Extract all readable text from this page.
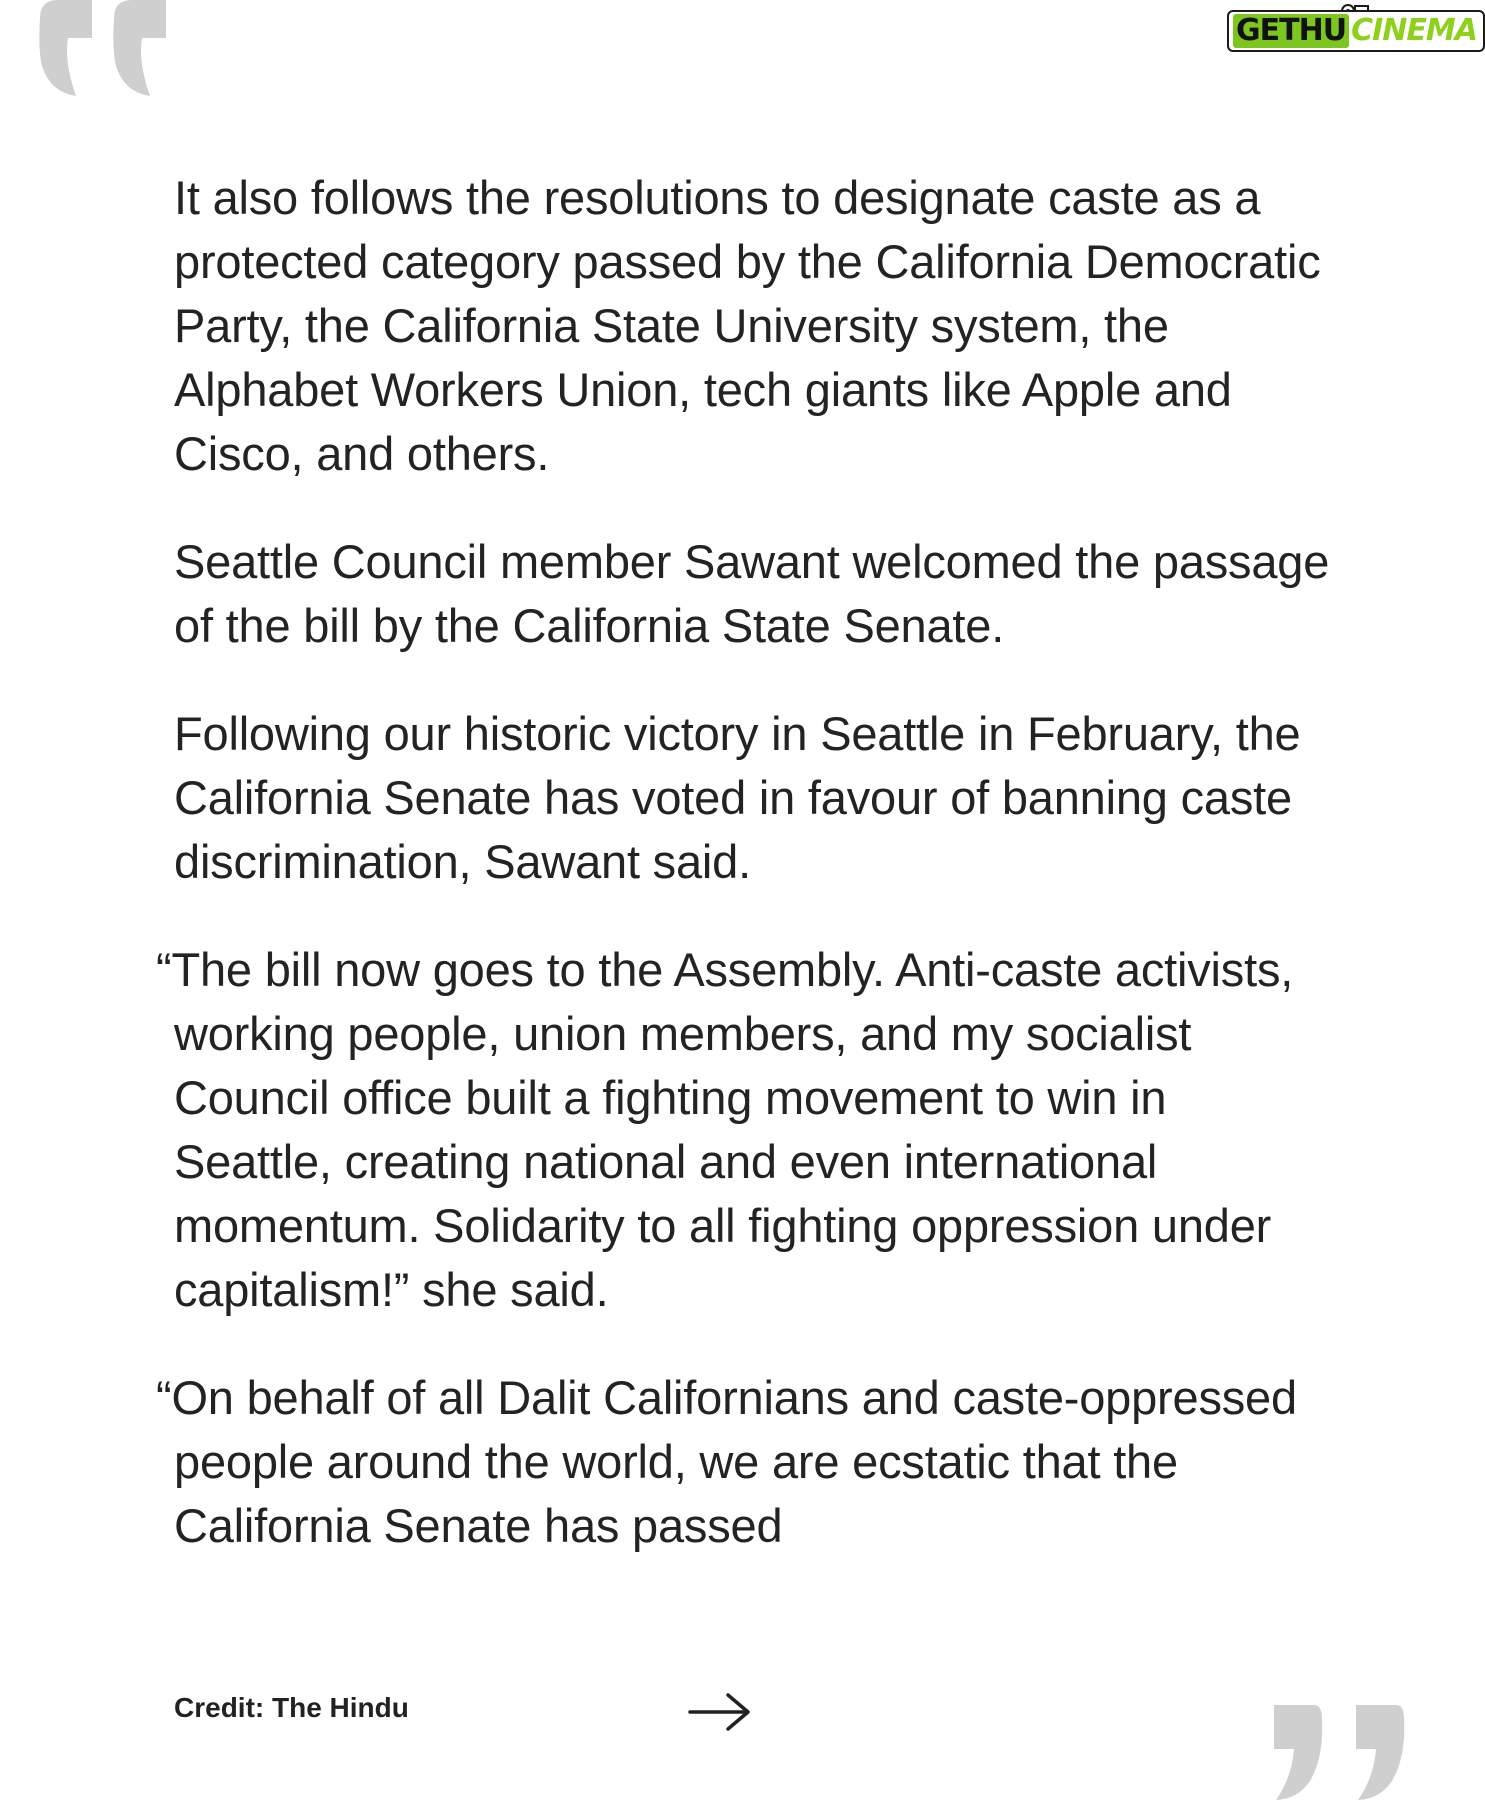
GETHU CINEMA

It also follows the resolutions to designate caste as a protected category passed by the California Democratic Party, the California State University system, the Alphabet Workers Union, tech giants like Apple and Cisco, and others.

Seattle Council member Sawant welcomed the passage of the bill by the California State Senate.

Following our historic victory in Seattle in February, the California Senate has voted in favour of banning caste discrimination, Sawant said.

“The bill now goes to the Assembly. Anti-caste activists, working people, union members, and my socialist Council office built a fighting movement to win in Seattle, creating national and even international momentum. Solidarity to all fighting oppression under capitalism!” she said.

“On behalf of all Dalit Californians and caste-oppressed people around the world, we are ecstatic that the California Senate has passed

Credit: The Hindu
